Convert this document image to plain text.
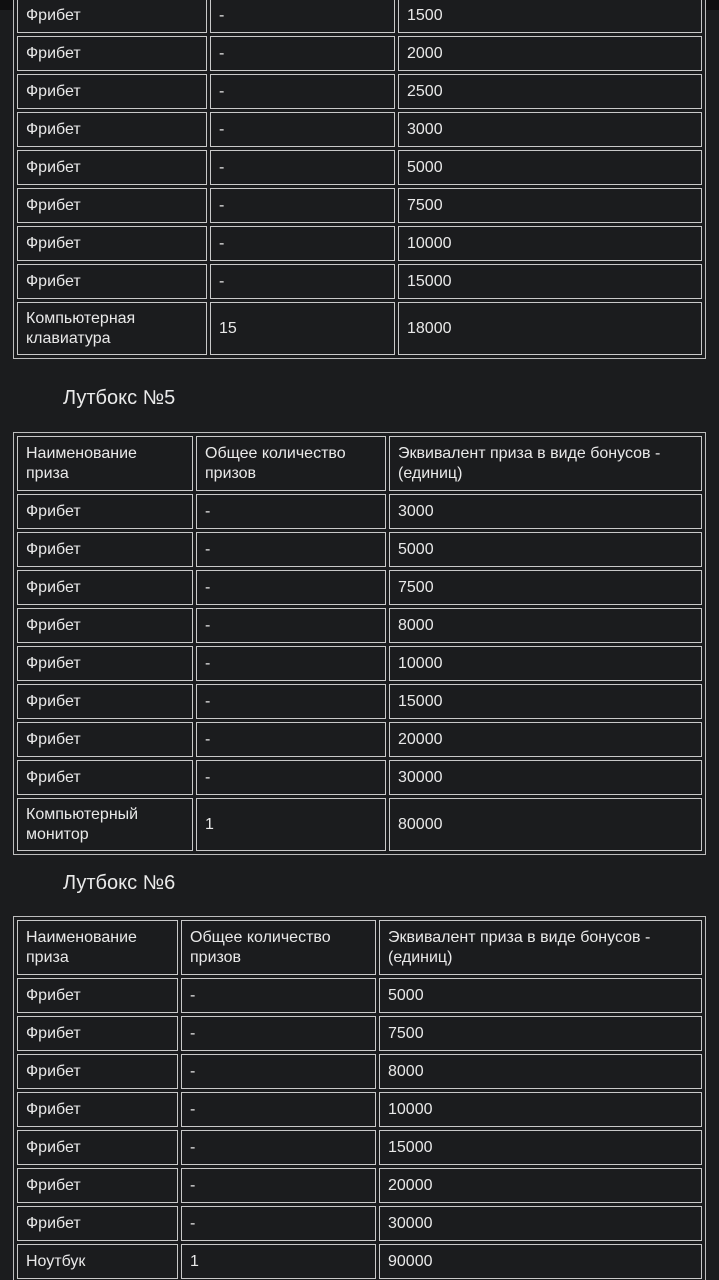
Фрибет	-	1500
Фрибет	-	2000
Фрибет	-	2500
Фрибет	-	3000
Фрибет	-	5000
Фрибет	-	7500
Фрибет	-	10000
Фрибет	-	15000
Компьютерная клавиатура	15	18000
Лутбокс №5
Наименование приза	Общее количество призов	Эквивалент приза в виде бонусов - (единиц)
Фрибет	-	3000
Фрибет	-	5000
Фрибет	-	7500
Фрибет	-	8000
Фрибет	-	10000
Фрибет	-	15000
Фрибет	-	20000
Фрибет	-	30000
Компьютерный монитор	1	80000
Лутбокс №6
Наименование приза	Общее количество призов	Эквивалент приза в виде бонусов - (единиц)
Фрибет	-	5000
Фрибет	-	7500
Фрибет	-	8000
Фрибет	-	10000
Фрибет	-	15000
Фрибет	-	20000
Фрибет	-	30000
Ноутбук	1	90000
